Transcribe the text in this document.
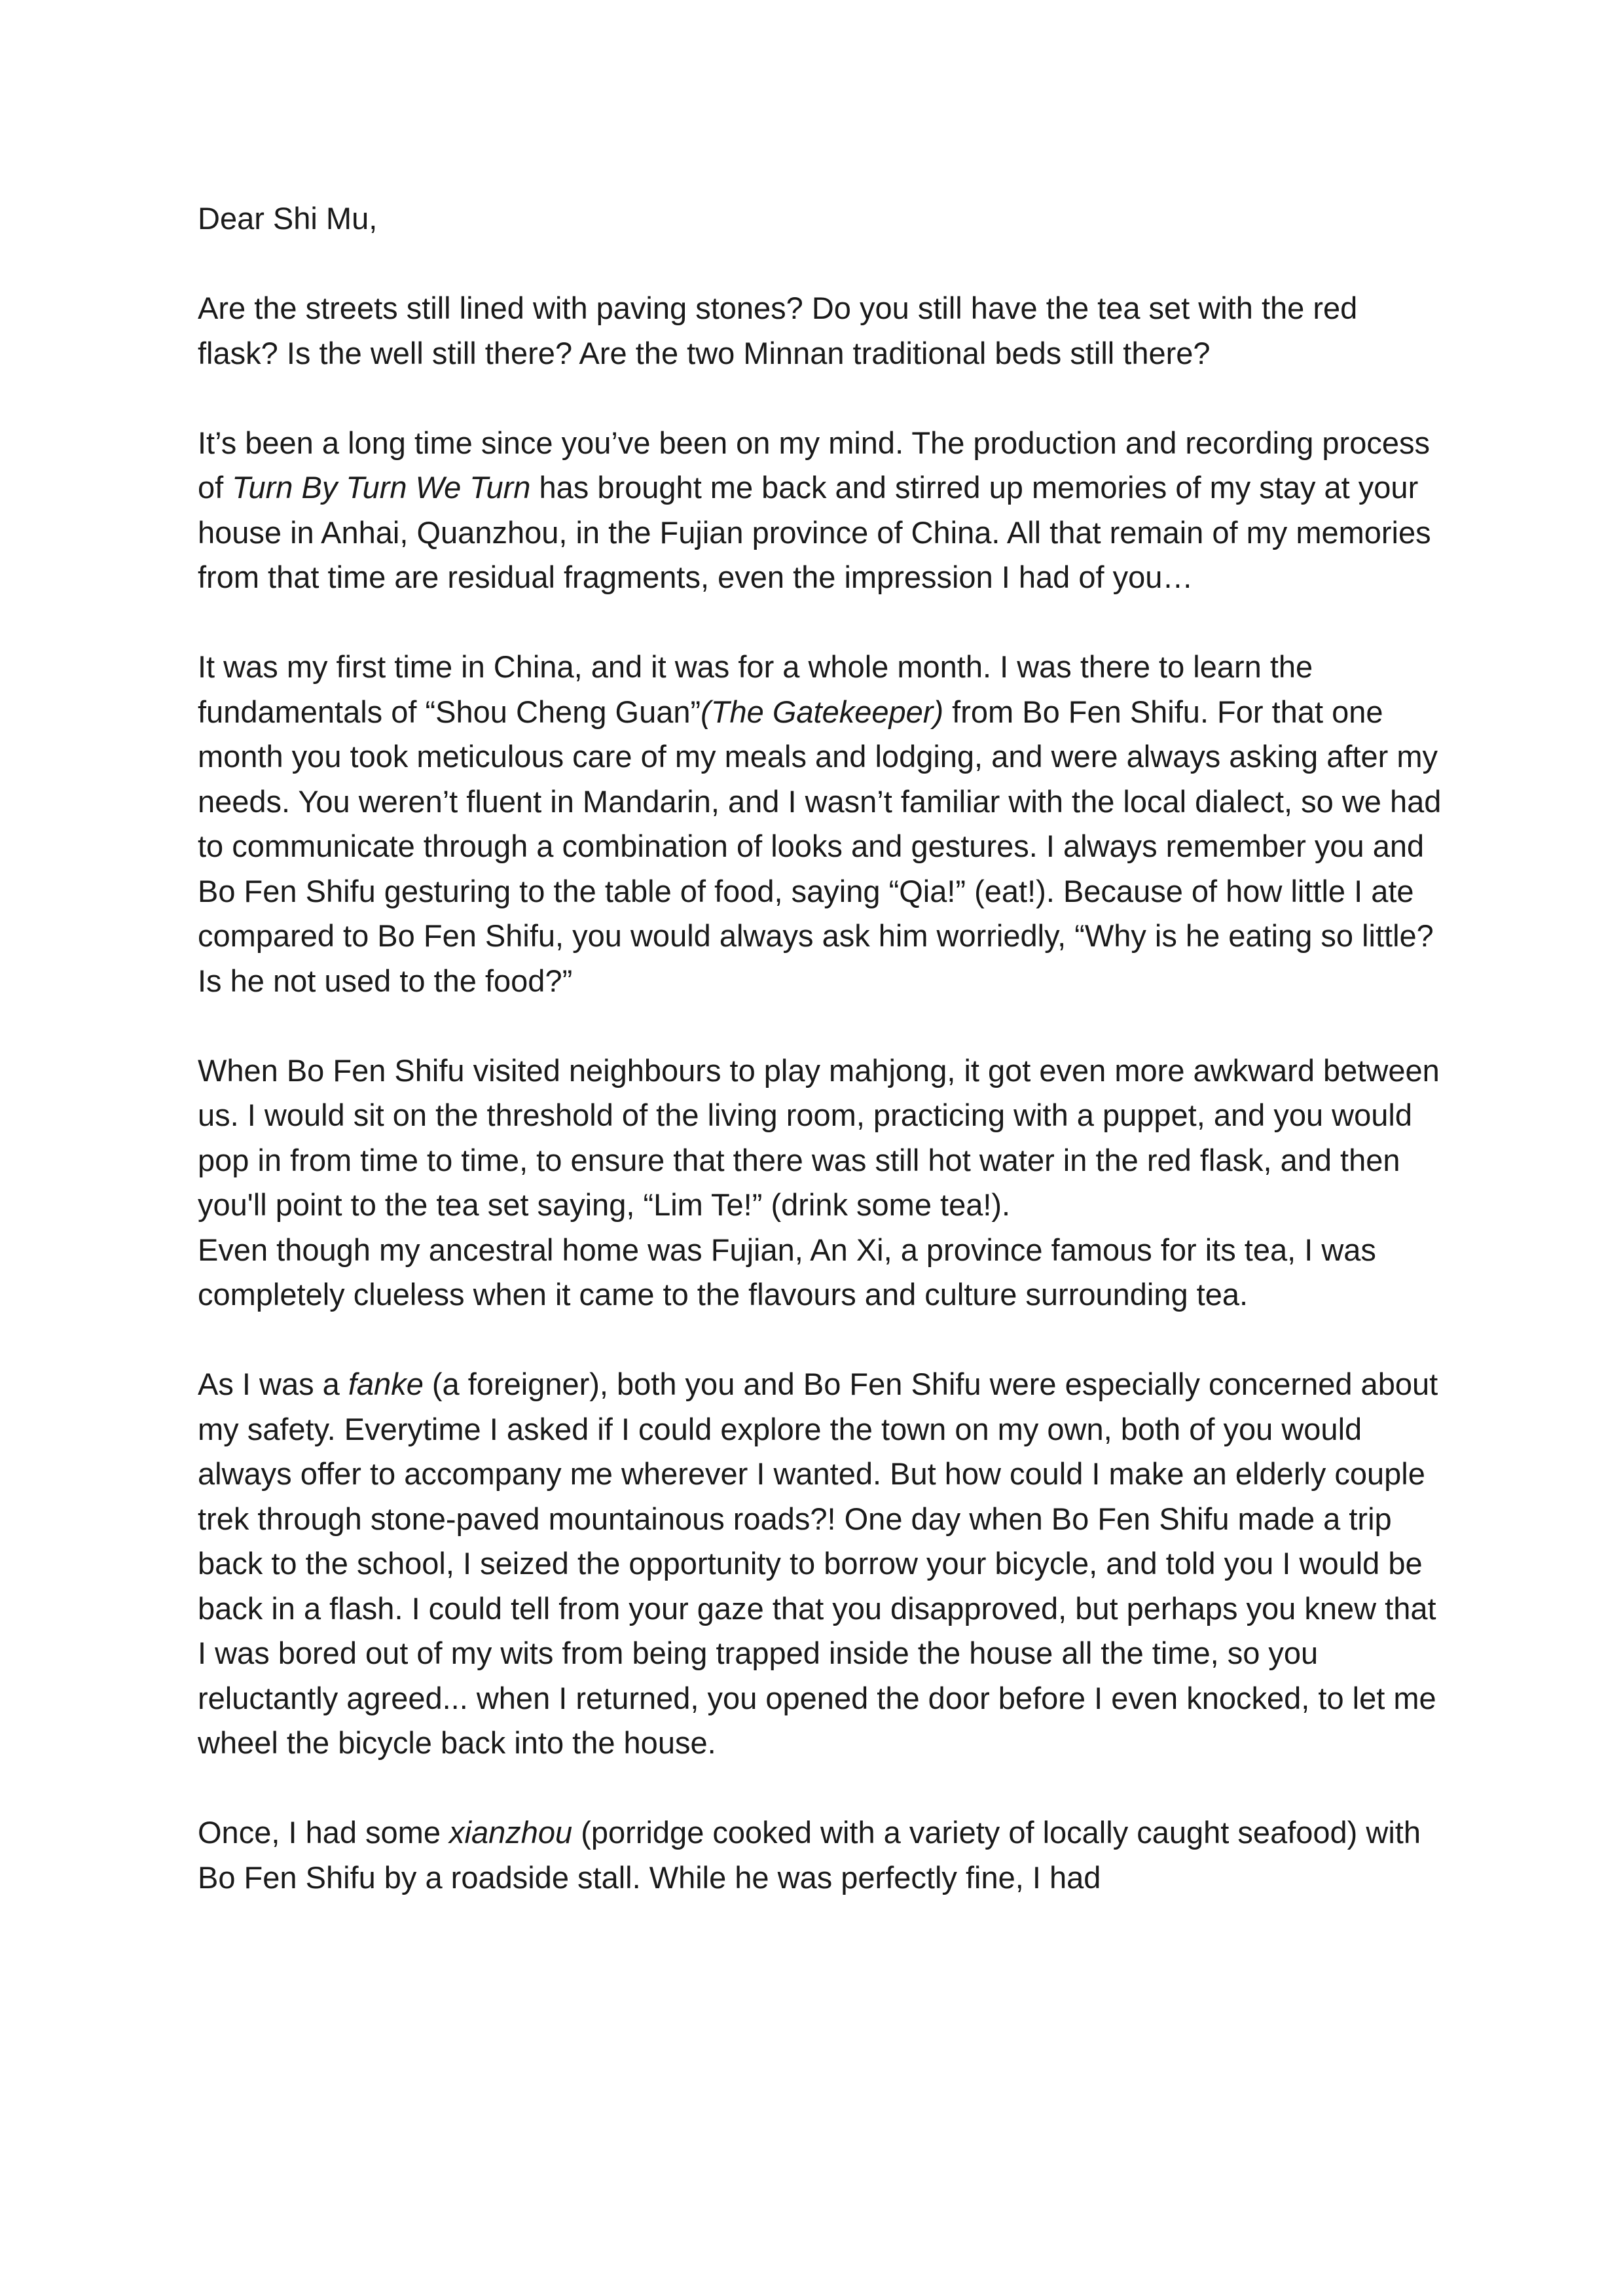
Dear Shi Mu,

Are the streets still lined with paving stones? Do you still have the tea set with the red flask? Is the well still there? Are the two Minnan traditional beds still there?

It’s been a long time since you’ve been on my mind. The production and recording process of Turn By Turn We Turn has brought me back and stirred up memories of my stay at your house in Anhai, Quanzhou, in the Fujian province of China. All that remain of my memories from that time are residual fragments, even the impression I had of you…

It was my first time in China, and it was for a whole month. I was there to learn the fundamentals of “Shou Cheng Guan”(The Gatekeeper) from Bo Fen Shifu. For that one month you took meticulous care of my meals and lodging, and were always asking after my needs. You weren’t fluent in Mandarin, and I wasn’t familiar with the local dialect, so we had to communicate through a combination of looks and gestures. I always remember you and Bo Fen Shifu gesturing to the table of food, saying “Qia!” (eat!). Because of how little I ate compared to Bo Fen Shifu, you would always ask him worriedly, “Why is he eating so little? Is he not used to the food?”

When Bo Fen Shifu visited neighbours to play mahjong, it got even more awkward between us. I would sit on the threshold of the living room, practicing with a puppet, and you would pop in from time to time, to ensure that there was still hot water in the red flask, and then you'll point to the tea set saying, “Lim Te!” (drink some tea!).

Even though my ancestral home was Fujian, An Xi, a province famous for its tea, I was completely clueless when it came to the flavours and culture surrounding tea.

As I was a fanke (a foreigner), both you and Bo Fen Shifu were especially concerned about my safety. Everytime I asked if I could explore the town on my own, both of you would always offer to accompany me wherever I wanted. But how could I make an elderly couple trek through stone-paved mountainous roads?! One day when Bo Fen Shifu made a trip back to the school, I seized the opportunity to borrow your bicycle, and told you I would be back in a flash. I could tell from your gaze that you disapproved, but perhaps you knew that I was bored out of my wits from being trapped inside the house all the time, so you reluctantly agreed... when I returned, you opened the door before I even knocked, to let me wheel the bicycle back into the house.

Once, I had some xianzhou (porridge cooked with a variety of locally caught seafood) with Bo Fen Shifu by a roadside stall. While he was perfectly fine, I had
